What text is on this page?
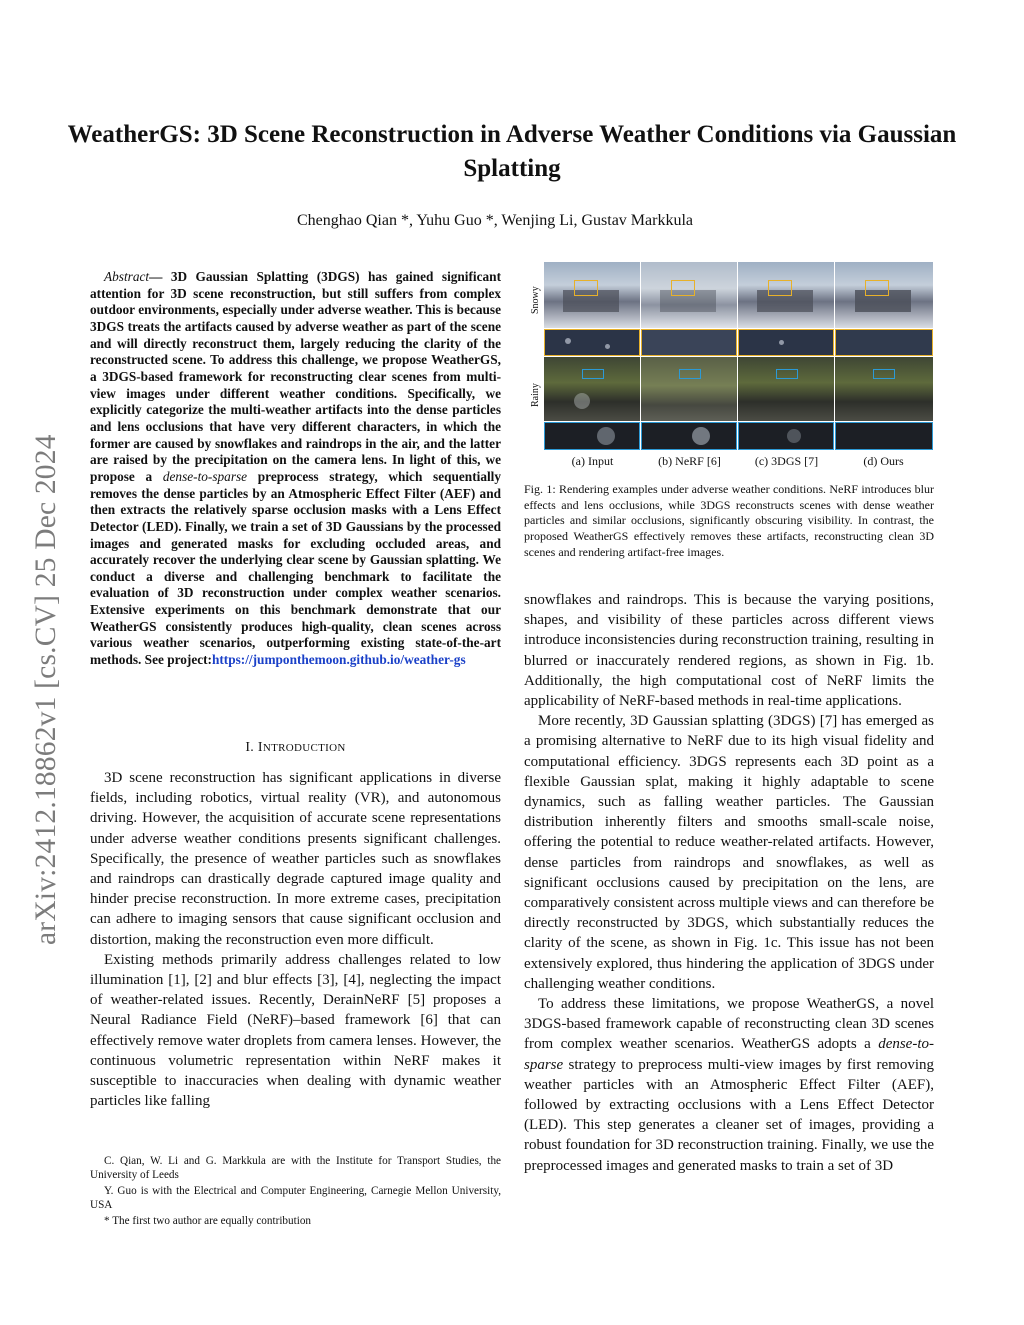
arXiv:2412.18862v1 [cs.CV] 25 Dec 2024
WeatherGS: 3D Scene Reconstruction in Adverse Weather Conditions via Gaussian Splatting
Chenghao Qian *, Yuhu Guo *, Wenjing Li, Gustav Markkula
Abstract— 3D Gaussian Splatting (3DGS) has gained significant attention for 3D scene reconstruction, but still suffers from complex outdoor environments, especially under adverse weather. This is because 3DGS treats the artifacts caused by adverse weather as part of the scene and will directly reconstruct them, largely reducing the clarity of the reconstructed scene. To address this challenge, we propose WeatherGS, a 3DGS-based framework for reconstructing clear scenes from multi-view images under different weather conditions. Specifically, we explicitly categorize the multi-weather artifacts into the dense particles and lens occlusions that have very different characters, in which the former are caused by snowflakes and raindrops in the air, and the latter are raised by the precipitation on the camera lens. In light of this, we propose a dense-to-sparse preprocess strategy, which sequentially removes the dense particles by an Atmospheric Effect Filter (AEF) and then extracts the relatively sparse occlusion masks with a Lens Effect Detector (LED). Finally, we train a set of 3D Gaussians by the processed images and generated masks for excluding occluded areas, and accurately recover the underlying clear scene by Gaussian splatting. We conduct a diverse and challenging benchmark to facilitate the evaluation of 3D reconstruction under complex weather scenarios. Extensive experiments on this benchmark demonstrate that our WeatherGS consistently produces high-quality, clean scenes across various weather scenarios, outperforming existing state-of-the-art methods. See project:https://jumponthemoon.github.io/weather-gs
I. INTRODUCTION

3D scene reconstruction has significant applications in diverse fields, including robotics, virtual reality (VR), and autonomous driving. However, the acquisition of accurate scene representations under adverse weather conditions presents significant challenges. Specifically, the presence of weather particles such as snowflakes and raindrops can drastically degrade captured image quality and hinder precise reconstruction. In more extreme cases, precipitation can adhere to imaging sensors that cause significant occlusion and distortion, making the reconstruction even more difficult.

Existing methods primarily address challenges related to low illumination [1], [2] and blur effects [3], [4], neglecting the impact of weather-related issues. Recently, DerainNeRF [5] proposes a Neural Radiance Field (NeRF)–based framework [6] that can effectively remove water droplets from camera lenses. However, the continuous volumetric representation within NeRF makes it susceptible to inaccuracies when dealing with dynamic weather particles like falling

C. Qian, W. Li and G. Markkula are with the Institute for Transport Studies, the University of Leeds

Y. Guo is with the Electrical and Computer Engineering, Carnegie Mellon University, USA

* The first two author are equally contribution

Snowy
Rainy
(a) Input	(b) NeRF [6]	(c) 3DGS [7]	(d) Ours
Fig. 1: Rendering examples under adverse weather conditions. NeRF introduces blur effects and lens occlusions, while 3DGS reconstructs scenes with dense weather particles and similar occlusions, significantly obscuring visibility. In contrast, the proposed WeatherGS effectively removes these artifacts, reconstructing clean 3D scenes and rendering artifact-free images.

snowflakes and raindrops. This is because the varying positions, shapes, and visibility of these particles across different views introduce inconsistencies during reconstruction training, resulting in blurred or inaccurately rendered regions, as shown in Fig. 1b. Additionally, the high computational cost of NeRF limits the applicability of NeRF-based methods in real-time applications.

More recently, 3D Gaussian splatting (3DGS) [7] has emerged as a promising alternative to NeRF due to its high visual fidelity and computational efficiency. 3DGS represents each 3D point as a flexible Gaussian splat, making it highly adaptable to scene dynamics, such as falling weather particles. The Gaussian distribution inherently filters and smooths small-scale noise, offering the potential to reduce weather-related artifacts. However, dense particles from raindrops and snowflakes, as well as significant occlusions caused by precipitation on the lens, are comparatively consistent across multiple views and can therefore be directly reconstructed by 3DGS, which substantially reduces the clarity of the scene, as shown in Fig. 1c. This issue has not been extensively explored, thus hindering the application of 3DGS under challenging weather conditions.

To address these limitations, we propose WeatherGS, a novel 3DGS-based framework capable of reconstructing clean 3D scenes from complex weather scenarios. WeatherGS adopts a dense-to-sparse strategy to preprocess multi-view images by first removing weather particles with an Atmospheric Effect Filter (AEF), followed by extracting occlusions with a Lens Effect Detector (LED). This step generates a cleaner set of images, providing a robust foundation for 3D reconstruction training. Finally, we use the preprocessed images and generated masks to train a set of 3D
